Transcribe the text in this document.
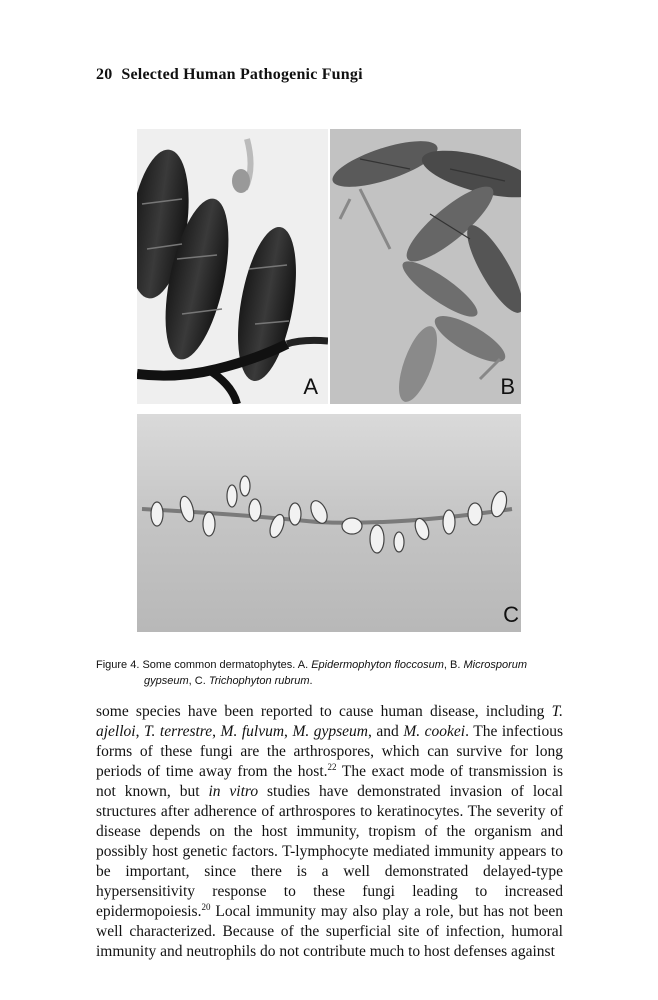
20 Selected Human Pathogenic Fungi
A	B
C
Figure 4. Some common dermatophytes. A. Epidermophyton floccosum, B. Microsporum
gypseum, C. Trichophyton rubrum.

some species have been reported to cause human disease, including T. ajelloi, T. terrestre, M. fulvum, M. gypseum, and M. cookei. The infectious forms of these fungi are the arthrospores, which can survive for long periods of time away from the host.$^{22}$ The exact mode of transmission is not known, but in vitro studies have demonstrated invasion of local structures after adherence of arthrospores to keratinocytes. The severity of disease depends on the host immunity, tropism of the organism and possibly host genetic factors. T-lymphocyte mediated immunity appears to be important, since there is a well demonstrated delayed-type hypersensitivity response to these fungi leading to increased epidermopoiesis.$^{20}$ Local immunity may also play a role, but has not been well characterized. Because of the superficial site of infection, humoral immunity and neutrophils do not contribute much to host defenses against
